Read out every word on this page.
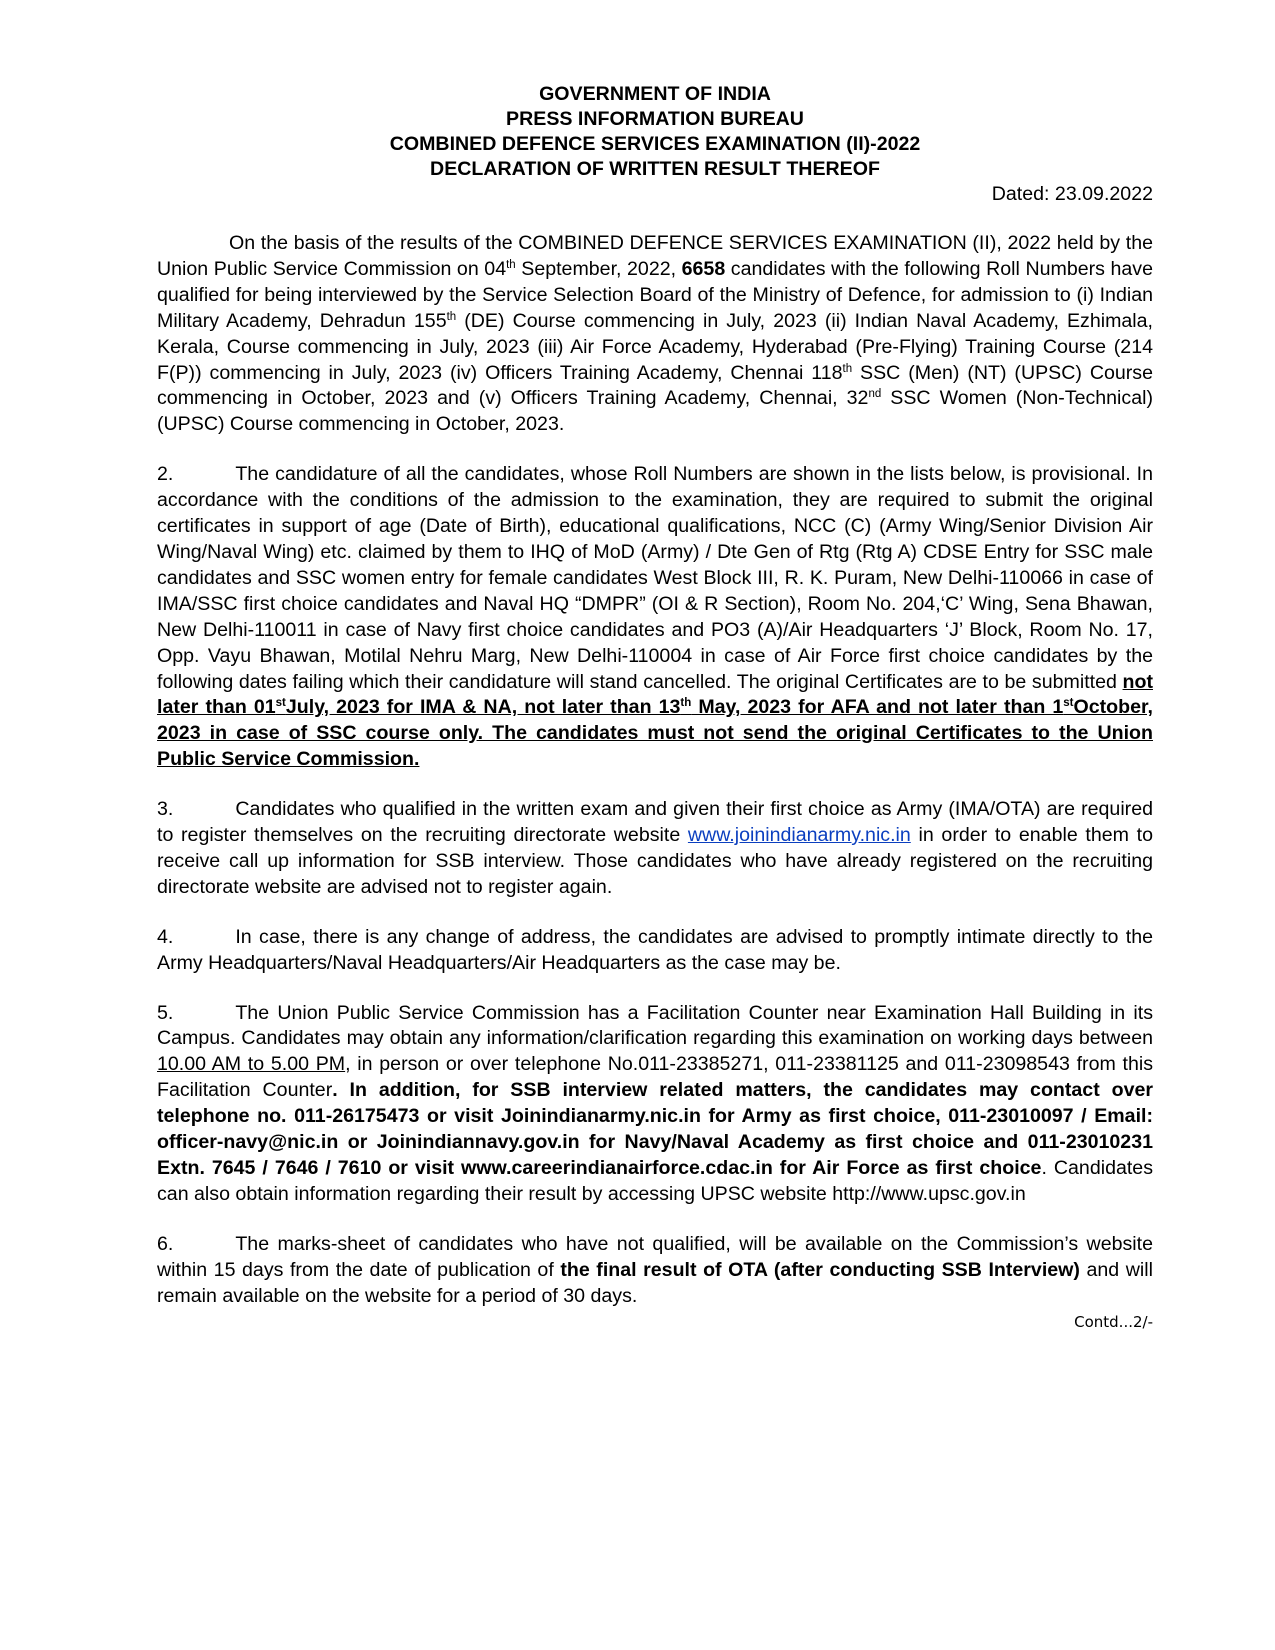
GOVERNMENT OF INDIA
PRESS INFORMATION BUREAU
COMBINED DEFENCE SERVICES EXAMINATION (II)-2022
DECLARATION OF WRITTEN RESULT THEREOF
Dated: 23.09.2022

On the basis of the results of the COMBINED DEFENCE SERVICES EXAMINATION (II), 2022 held by the Union Public Service Commission on 04th September, 2022, 6658 candidates with the following Roll Numbers have qualified for being interviewed by the Service Selection Board of the Ministry of Defence, for admission to (i) Indian Military Academy, Dehradun 155th (DE) Course commencing in July, 2023 (ii) Indian Naval Academy, Ezhimala, Kerala, Course commencing in July, 2023 (iii) Air Force Academy, Hyderabad (Pre-Flying) Training Course (214 F(P)) commencing in July, 2023 (iv) Officers Training Academy, Chennai 118th SSC (Men) (NT) (UPSC) Course commencing in October, 2023 and (v) Officers Training Academy, Chennai, 32nd SSC Women (Non-Technical) (UPSC) Course commencing in October, 2023.

2.	The candidature of all the candidates, whose Roll Numbers are shown in the lists below, is provisional. In accordance with the conditions of the admission to the examination, they are required to submit the original certificates in support of age (Date of Birth), educational qualifications, NCC (C) (Army Wing/Senior Division Air Wing/Naval Wing) etc. claimed by them to IHQ of MoD (Army) / Dte Gen of Rtg (Rtg A) CDSE Entry for SSC male candidates and SSC women entry for female candidates West Block III, R. K. Puram, New Delhi-110066 in case of IMA/SSC first choice candidates and Naval HQ “DMPR” (OI & R Section), Room No. 204,‘C’ Wing, Sena Bhawan, New Delhi-110011 in case of Navy first choice candidates and PO3 (A)/Air Headquarters ‘J’ Block, Room No. 17, Opp. Vayu Bhawan, Motilal Nehru Marg, New Delhi-110004 in case of Air Force first choice candidates by the following dates failing which their candidature will stand cancelled. The original Certificates are to be submitted not later than 01stJuly, 2023 for IMA & NA, not later than 13th May, 2023 for AFA and not later than 1stOctober, 2023 in case of SSC course only. The candidates must not send the original Certificates to the Union Public Service Commission.

3.	Candidates who qualified in the written exam and given their first choice as Army (IMA/OTA) are required to register themselves on the recruiting directorate website www.joinindianarmy.nic.in in order to enable them to receive call up information for SSB interview. Those candidates who have already registered on the recruiting directorate website are advised not to register again.

4.	In case, there is any change of address, the candidates are advised to promptly intimate directly to the Army Headquarters/Naval Headquarters/Air Headquarters as the case may be.

5.	The Union Public Service Commission has a Facilitation Counter near Examination Hall Building in its Campus. Candidates may obtain any information/clarification regarding this examination on working days between 10.00 AM to 5.00 PM, in person or over telephone No.011-23385271, 011-23381125 and 011-23098543 from this Facilitation Counter. In addition, for SSB interview related matters, the candidates may contact over telephone no. 011-26175473 or visit Joinindianarmy.nic.in for Army as first choice, 011-23010097 / Email: officer-navy@nic.in or Joinindiannavy.gov.in for Navy/Naval Academy as first choice and 011-23010231 Extn. 7645 / 7646 / 7610 or visit www.careerindianairforce.cdac.in for Air Force as first choice. Candidates can also obtain information regarding their result by accessing UPSC website http://www.upsc.gov.in

6.	The marks-sheet of candidates who have not qualified, will be available on the Commission’s website within 15 days from the date of publication of the final result of OTA (after conducting SSB Interview) and will remain available on the website for a period of 30 days.

Contd...2/-
